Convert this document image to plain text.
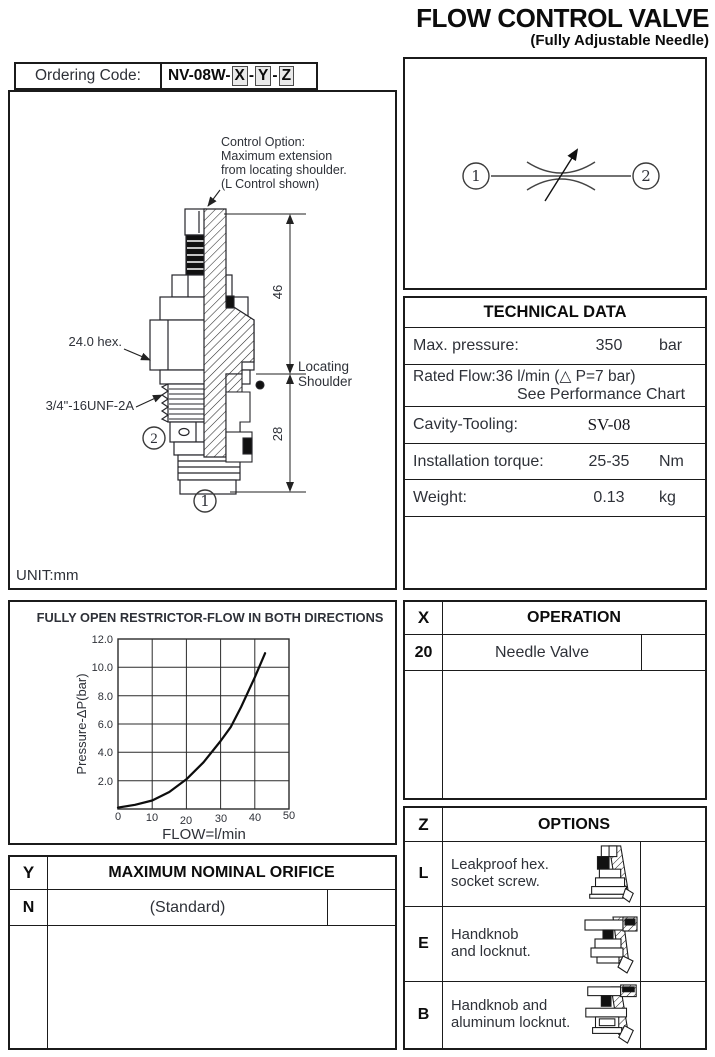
FLOW CONTROL VALVE
(Fully Adjustable Needle)
Ordering Code:	NV-08W- X - Y - Z
Control Option:
Maximum extension
from locating shoulder.
(L Control shown)
46
28
Locating
Shoulder
24.0 hex.
3/4"-16UNF-2A
2
1
UNIT:mm
1	2
TECHNICAL DATA
Max. pressure:	350	bar
Rated Flow:36 l/min (△ P=7 bar)
See Performance Chart
Cavity-Tooling:	SV-08
Installation torque:	25-35	Nm
Weight:	0.13	kg
FULLY OPEN RESTRICTOR-FLOW IN BOTH DIRECTIONS
12.0
10.0
8.0
6.0
4.0
2.0
0 10 20 30 40 50
Pressure-ΔP(bar)
FLOW=l/min
X	OPERATION
20	Needle Valve
Y	MAXIMUM NOMINAL ORIFICE
N	(Standard)
Z	OPTIONS
L
Leakproof hex.
socket screw.
E
Handknob
and locknut.
B
Handknob and
aluminum locknut.
